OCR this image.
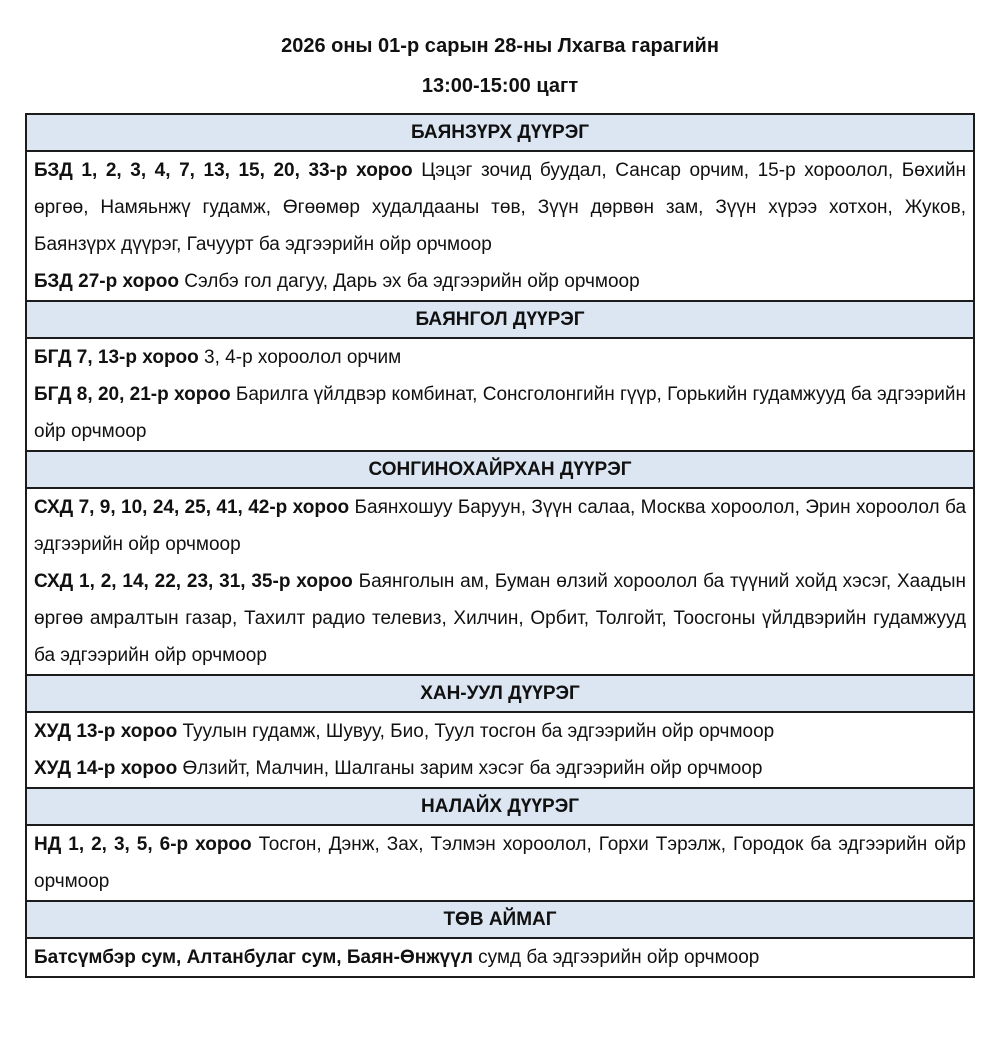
2026 оны 01-р сарын 28-ны Лхагва гарагийн
13:00-15:00 цагт
БАЯНЗҮРХ ДҮҮРЭГ

БЗД 1, 2, 3, 4, 7, 13, 15, 20, 33-р хороо Цэцэг зочид буудал, Сансар орчим, 15-р хороолол, Бөхийн өргөө, Намяьнжү гудамж, Өгөөмөр худалдааны төв, Зүүн дөрвөн зам, Зүүн хүрээ хотхон, Жуков, Баянзүрх дүүрэг, Гачуурт ба эдгээрийн ойр орчмоор

БЗД 27-р хороо Сэлбэ гол дагуу, Дарь эх ба эдгээрийн ойр орчмоор

БАЯНГОЛ ДҮҮРЭГ

БГД 7, 13-р хороо 3, 4-р хороолол орчим

БГД 8, 20, 21-р хороо Барилга үйлдвэр комбинат, Сонсголонгийн гүүр, Горькийн гудамжууд ба эдгээрийн ойр орчмоор

СОНГИНОХАЙРХАН ДҮҮРЭГ

СХД 7, 9, 10, 24, 25, 41, 42-р хороо Баянхошуу Баруун, Зүүн салаа, Москва хороолол, Эрин хороолол ба эдгээрийн ойр орчмоор

СХД 1, 2, 14, 22, 23, 31, 35-р хороо Баянголын ам, Буман өлзий хороолол ба түүний хойд хэсэг, Хаадын өргөө амралтын газар, Тахилт радио телевиз, Хилчин, Орбит, Толгойт, Тоосгоны үйлдвэрийн гудамжууд ба эдгээрийн ойр орчмоор

ХАН-УУЛ ДҮҮРЭГ

ХУД 13-р хороо Туулын гудамж, Шувуу, Био, Туул тосгон ба эдгээрийн ойр орчмоор

ХУД 14-р хороо Өлзийт, Малчин, Шалганы зарим хэсэг ба эдгээрийн ойр орчмоор

НАЛАЙХ ДҮҮРЭГ

НД 1, 2, 3, 5, 6-р хороо Тосгон, Дэнж, Зах, Тэлмэн хороолол, Горхи Тэрэлж, Городок ба эдгээрийн ойр орчмоор

ТӨВ АЙМАГ

Батсүмбэр сум, Алтанбулаг сум, Баян-Өнжүүл сумд ба эдгээрийн ойр орчмоор
